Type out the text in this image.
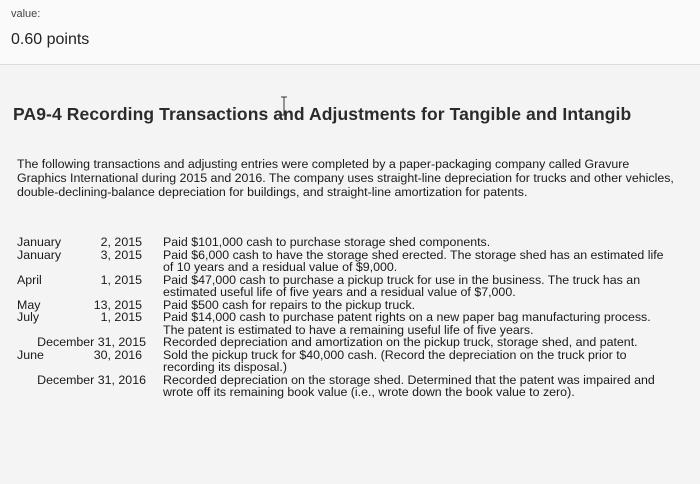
value:
0.60 points
PA9-4 Recording Transactions and Adjustments for Tangible and Intangib

The following transactions and adjusting entries were completed by a paper-packaging company called Gravure Graphics International during 2015 and 2016. The company uses straight-line depreciation for trucks and other vehicles, double-declining-balance depreciation for buildings, and straight-line amortization for patents.

January	2, 2015 Paid $101,000 cash to purchase storage shed components.
January	3, 2015 Paid $6,000 cash to have the storage shed erected. The storage shed has an estimated life of 10 years and a residual value of $9,000.
April	1, 2015 Paid $47,000 cash to purchase a pickup truck for use in the business. The truck has an estimated useful life of five years and a residual value of $7,000.
May	13, 2015 Paid $500 cash for repairs to the pickup truck.
July	1, 2015 Paid $14,000 cash to purchase patent rights on a new paper bag manufacturing process. The patent is estimated to have a remaining useful life of five years.
December 31, 2015 Recorded depreciation and amortization on the pickup truck, storage shed, and patent.
June	30, 2016 Sold the pickup truck for $40,000 cash. (Record the depreciation on the truck prior to recording its disposal.)
December 31, 2016 Recorded depreciation on the storage shed. Determined that the patent was impaired and wrote off its remaining book value (i.e., wrote down the book value to zero).
